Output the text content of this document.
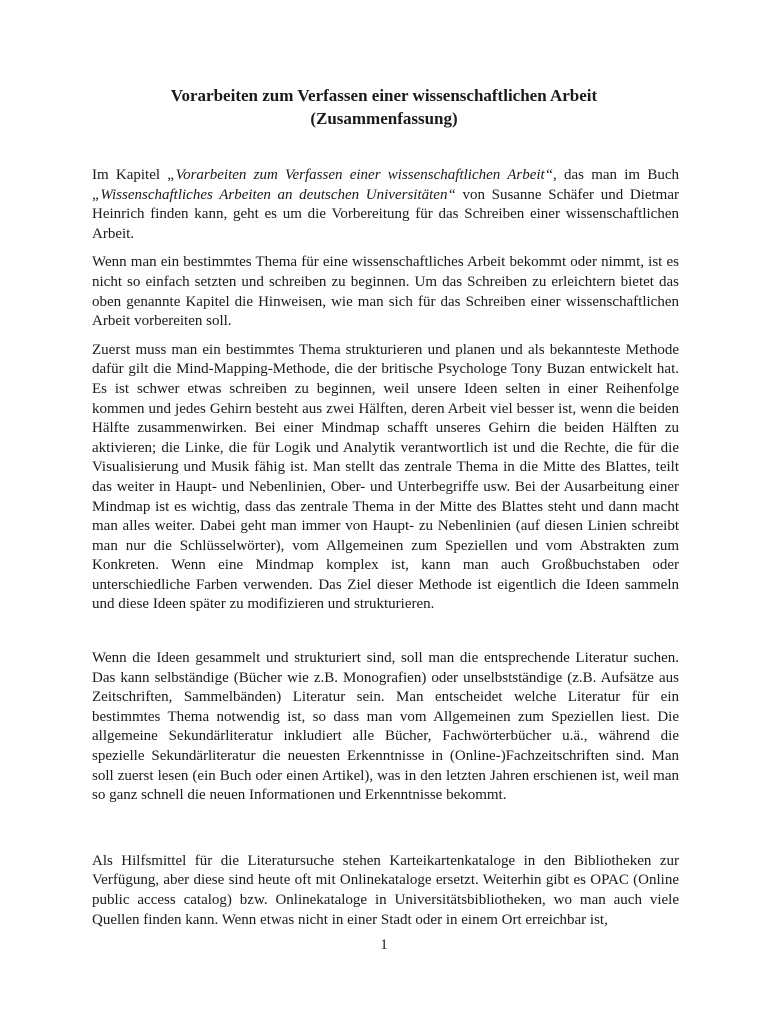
Vorarbeiten zum Verfassen einer wissenschaftlichen Arbeit
(Zusammenfassung)

Im Kapitel „Vorarbeiten zum Verfassen einer wissenschaftlichen Arbeit“, das man im Buch „Wissenschaftliches Arbeiten an deutschen Universitäten“ von Susanne Schäfer und Dietmar Heinrich finden kann, geht es um die Vorbereitung für das Schreiben einer wissenschaftlichen Arbeit.

Wenn man ein bestimmtes Thema für eine wissenschaftliches Arbeit bekommt oder nimmt, ist es nicht so einfach setzten und schreiben zu beginnen. Um das Schreiben zu erleichtern bietet das oben genannte Kapitel die Hinweisen, wie man sich für das Schreiben einer wissenschaftlichen Arbeit vorbereiten soll.

Zuerst muss man ein bestimmtes Thema strukturieren und planen und als bekannteste Methode dafür gilt die Mind-Mapping-Methode, die der britische Psychologe Tony Buzan entwickelt hat. Es ist schwer etwas schreiben zu beginnen, weil unsere Ideen selten in einer Reihenfolge kommen und jedes Gehirn besteht aus zwei Hälften, deren Arbeit viel besser ist, wenn die beiden Hälfte zusammenwirken. Bei einer Mindmap schafft unseres Gehirn die beiden Hälften zu aktivieren; die Linke, die für Logik und Analytik verantwortlich ist und die Rechte, die für die Visualisierung und Musik fähig ist. Man stellt das zentrale Thema in die Mitte des Blattes, teilt das weiter in Haupt- und Nebenlinien, Ober- und Unterbegriffe usw. Bei der Ausarbeitung einer Mindmap ist es wichtig, dass das zentrale Thema in der Mitte des Blattes steht und dann macht man alles weiter. Dabei geht man immer von Haupt- zu Nebenlinien (auf diesen Linien schreibt man nur die Schlüsselwörter), vom Allgemeinen zum Speziellen und vom Abstrakten zum Konkreten. Wenn eine Mindmap komplex ist, kann man auch Großbuchstaben oder unterschiedliche Farben verwenden. Das Ziel dieser Methode ist eigentlich die Ideen sammeln und diese Ideen später zu modifizieren und strukturieren.

Wenn die Ideen gesammelt und strukturiert sind, soll man die entsprechende Literatur suchen. Das kann selbständige (Bücher wie z.B. Monografien) oder unselbstständige (z.B. Aufsätze aus Zeitschriften, Sammelbänden) Literatur sein. Man entscheidet welche Literatur für ein bestimmtes Thema notwendig ist, so dass man vom Allgemeinen zum Speziellen liest. Die allgemeine Sekundärliteratur inkludiert alle Bücher, Fachwörterbücher u.ä., während die spezielle Sekundärliteratur die neuesten Erkenntnisse in (Online-)Fachzeitschriften sind. Man soll zuerst lesen (ein Buch oder einen Artikel), was in den letzten Jahren erschienen ist, weil man so ganz schnell die neuen Informationen und Erkenntnisse bekommt.

Als Hilfsmittel für die Literatursuche stehen Karteikartenkataloge in den Bibliotheken zur Verfügung, aber diese sind heute oft mit Onlinekataloge ersetzt. Weiterhin gibt es OPAC (Online public access catalog) bzw. Onlinekataloge in Universitätsbibliotheken, wo man auch viele Quellen finden kann. Wenn etwas nicht in einer Stadt oder in einem Ort erreichbar ist,

1
